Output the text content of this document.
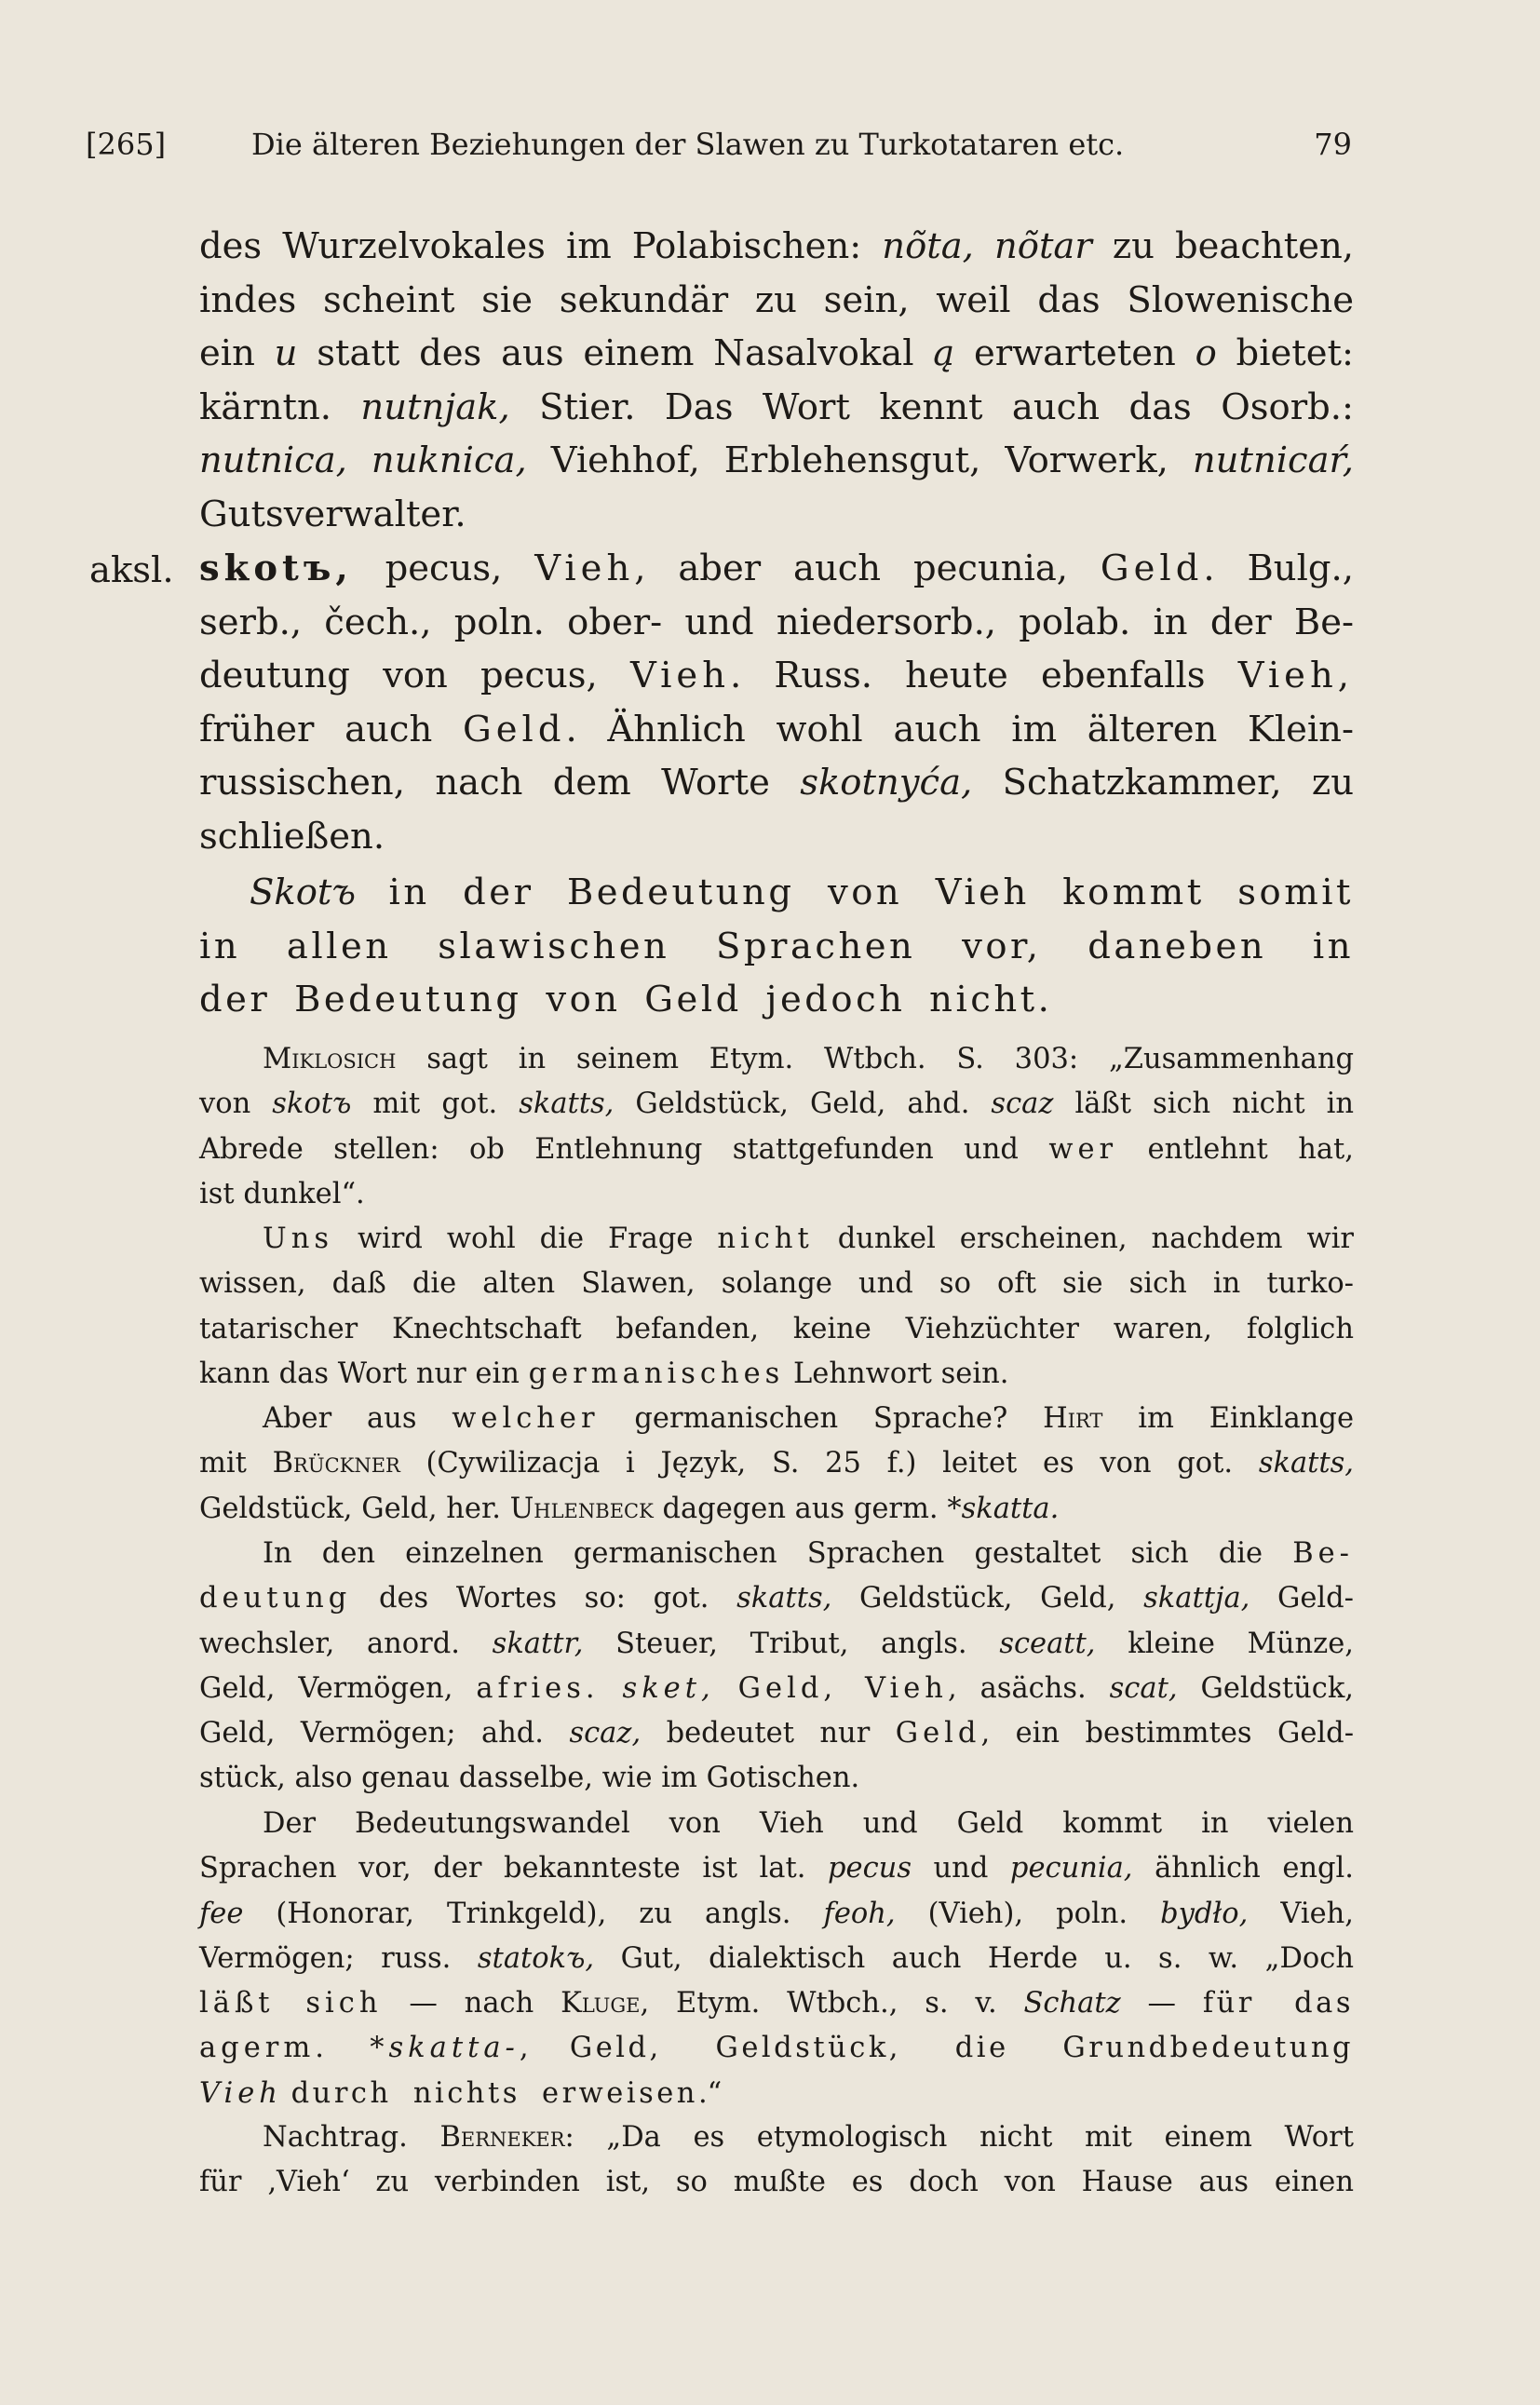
[265]	Die älteren Beziehungen der Slawen zu Turkotataren etc.	79

des Wurzelvokales im Polabischen: nõta, nõtar zu beachten,

indes scheint sie sekundär zu sein, weil das Slowenische

ein u statt des aus einem Nasalvokal ą erwarteten o bietet:

kärntn. nutnjak, Stier. Das Wort kennt auch das Osorb.:

nutnica, nuknica, Viehhof, Erblehensgut, Vorwerk, nutnicaŕ,

Gutsverwalter.

aksl. skotъ, pecus, Vieh, aber auch pecunia, Geld. Bulg.,

serb., čech., poln. ober- und niedersorb., polab. in der Be-

deutung von pecus, Vieh. Russ. heute ebenfalls Vieh,

früher auch Geld. Ähnlich wohl auch im älteren Klein-

russischen, nach dem Worte skotnyća, Schatzkammer, zu

schließen.

Skotъ in der Bedeutung von Vieh kommt somit

in allen slawischen Sprachen vor, daneben in

der Bedeutung von Geld jedoch nicht.

Miklosich sagt in seinem Etym. Wtbch. S. 303: „Zusammenhang

von skotъ mit got. skatts, Geldstück, Geld, ahd. scaz läßt sich nicht in

Abrede stellen: ob Entlehnung stattgefunden und wer entlehnt hat,

ist dunkel“.

Uns wird wohl die Frage nicht dunkel erscheinen, nachdem wir

wissen, daß die alten Slawen, solange und so oft sie sich in turko-

tatarischer Knechtschaft befanden, keine Viehzüchter waren, folglich

kann das Wort nur ein germanisches Lehnwort sein.

Aber aus welcher germanischen Sprache? Hirt im Einklange

mit Brückner (Cywilizacja i Język, S. 25 f.) leitet es von got. skatts,

Geldstück, Geld, her. Uhlenbeck dagegen aus germ. *skatta.

In den einzelnen germanischen Sprachen gestaltet sich die Be-

deutung des Wortes so: got. skatts, Geldstück, Geld, skattja, Geld-

wechsler, anord. skattr, Steuer, Tribut, angls. sceatt, kleine Münze,

Geld, Vermögen, afries. sket, Geld, Vieh, asächs. scat, Geldstück,

Geld, Vermögen; ahd. scaz, bedeutet nur Geld, ein bestimmtes Geld-

stück, also genau dasselbe, wie im Gotischen.

Der Bedeutungswandel von Vieh und Geld kommt in vielen

Sprachen vor, der bekannteste ist lat. pecus und pecunia, ähnlich engl.

fee (Honorar, Trinkgeld), zu angls. feoh, (Vieh), poln. bydło, Vieh,

Vermögen; russ. statokъ, Gut, dialektisch auch Herde u. s. w. „Doch

läßt sich — nach Kluge, Etym. Wtbch., s. v. Schatz — für das

agerm. *skatta-, Geld, Geldstück, die Grundbedeutung

Vieh durch nichts erweisen.“

Nachtrag. Berneker: „Da es etymologisch nicht mit einem Wort

für ‚Vieh‘ zu verbinden ist, so mußte es doch von Hause aus einen
